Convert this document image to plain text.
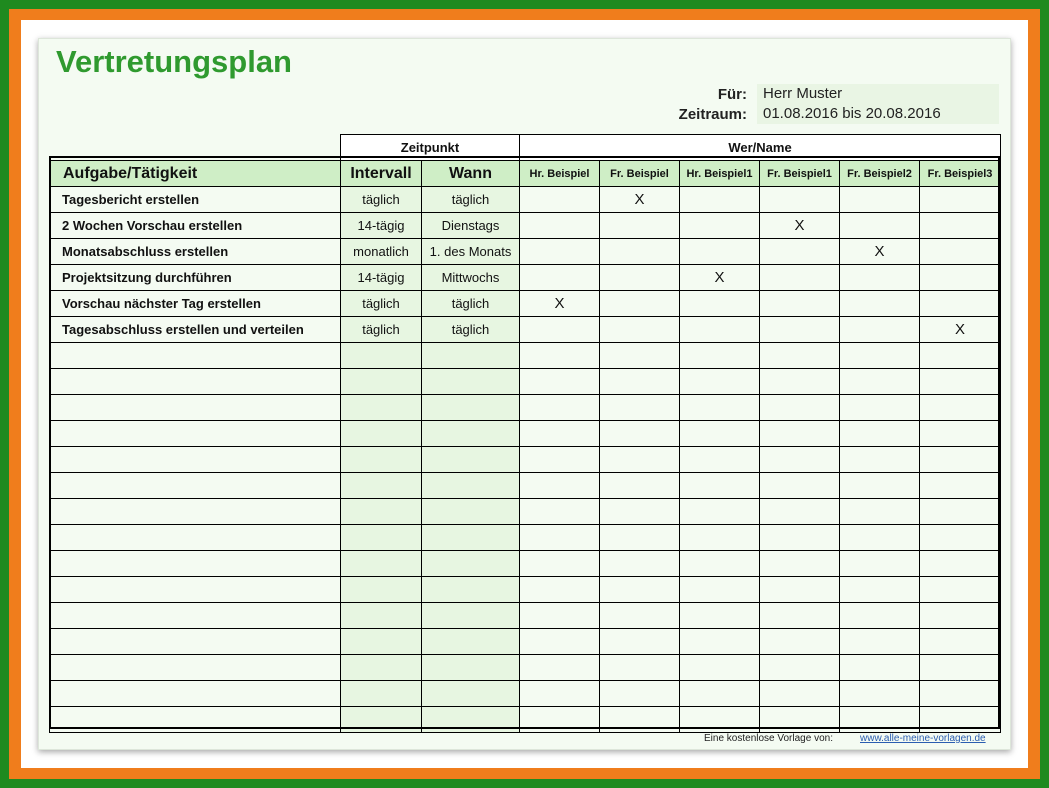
Vertretungsplan
Für:	Herr Muster
Zeitraum:	01.08.2016 bis 20.08.2016
	Zeitpunkt		Wer/Name					
Aufgabe/Tätigkeit	Intervall	Wann	Hr. Beispiel	Fr. Beispiel	Hr. Beispiel1	Fr. Beispiel1	Fr. Beispiel2	Fr. Beispiel3
Tagesbericht erstellen	täglich	täglich		X				
2 Wochen Vorschau erstellen	14-tägig	Dienstags				X		
Monatsabschluss erstellen	monatlich	1. des Monats					X	
Projektsitzung durchführen	14-tägig	Mittwochs			X			
Vorschau nächster Tag erstellen	täglich	täglich	X					
Tagesabschluss erstellen und verteilen	täglich	täglich						X

Eine kostenlose Vorlage von:	www.alle-meine-vorlagen.de
